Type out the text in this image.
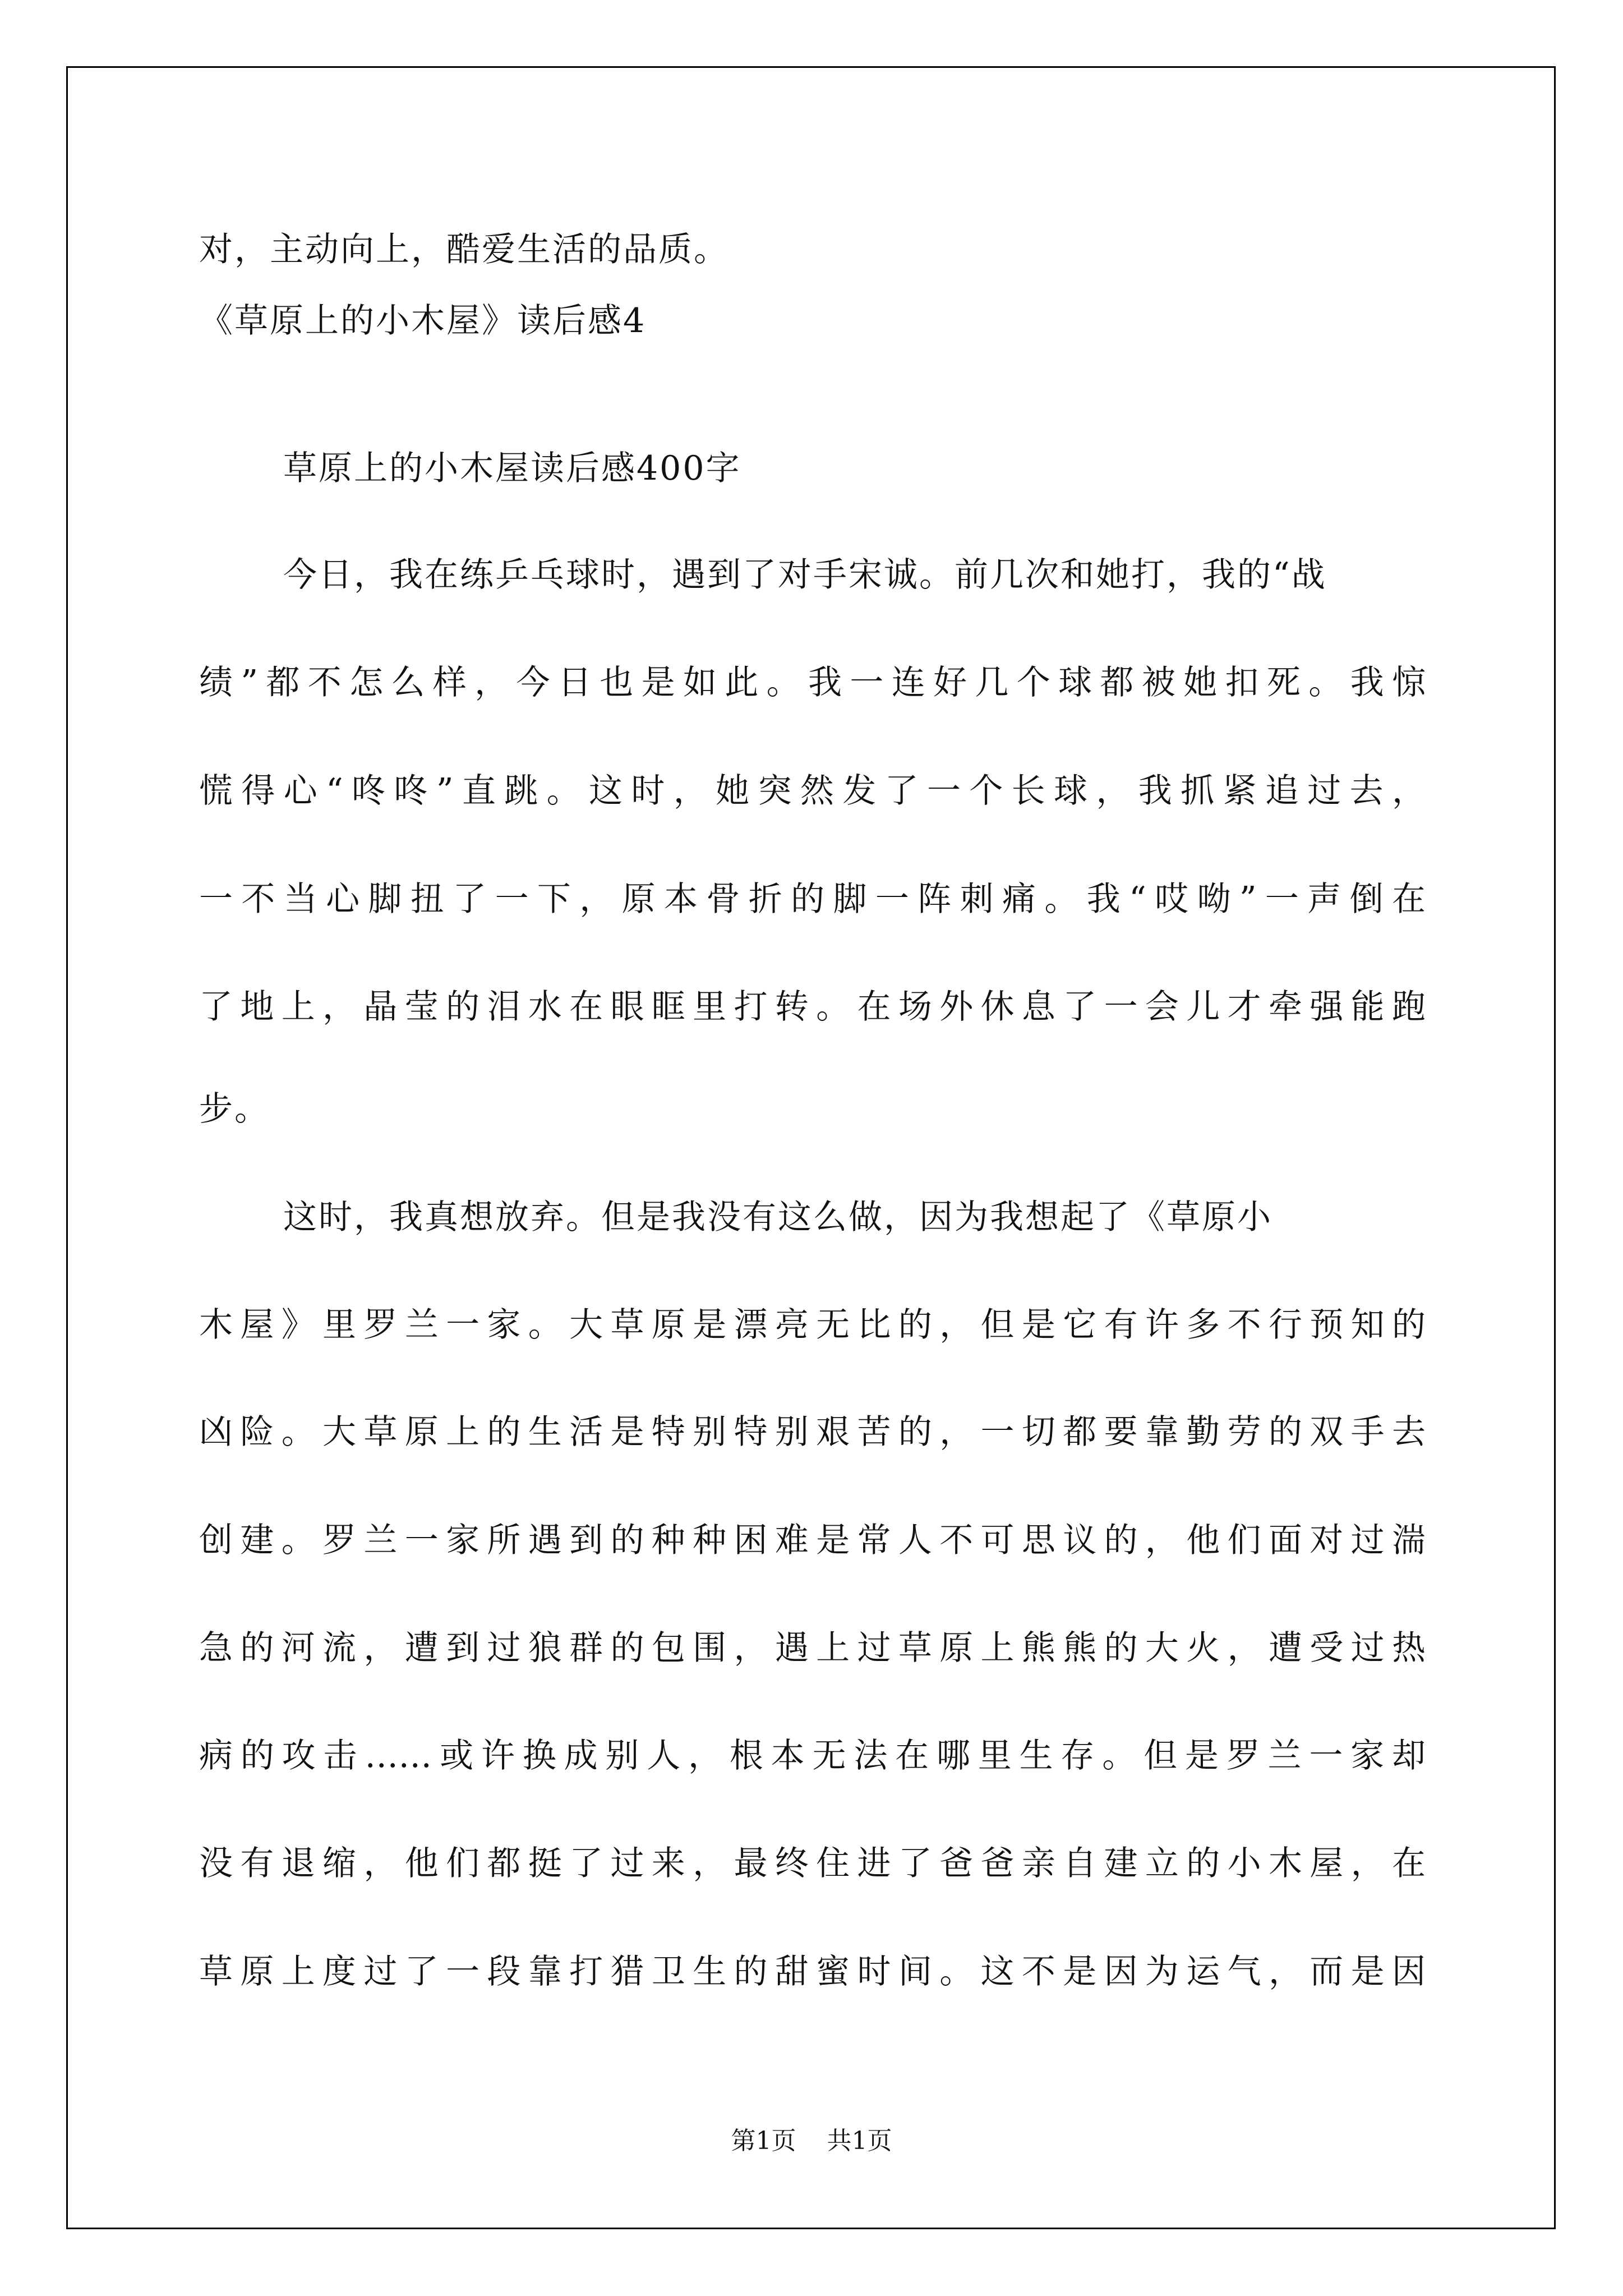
对，主动向上，酷爱生活的品质。
《草原上的小木屋》读后感4
草原上的小木屋读后感400字
今日，我在练乒乓球时，遇到了对手宋诚。前几次和她打，我的“战
绩”都不怎么样，今日也是如此。我一连好几个球都被她扣死。我惊
慌得心“咚咚”直跳。这时，她突然发了一个长球，我抓紧追过去，
一不当心脚扭了一下，原本骨折的脚一阵刺痛。我“哎呦”一声倒在
了地上，晶莹的泪水在眼眶里打转。在场外休息了一会儿才牵强能跑
步。
这时，我真想放弃。但是我没有这么做，因为我想起了《草原小
木屋》里罗兰一家。大草原是漂亮无比的，但是它有许多不行预知的
凶险。大草原上的生活是特别特别艰苦的，一切都要靠勤劳的双手去
创建。罗兰一家所遇到的种种困难是常人不可思议的，他们面对过湍
急的河流，遭到过狼群的包围，遇上过草原上熊熊的大火，遭受过热
病的攻击……或许换成别人，根本无法在哪里生存。但是罗兰一家却
没有退缩，他们都挺了过来，最终住进了爸爸亲自建立的小木屋，在
草原上度过了一段靠打猎卫生的甜蜜时间。这不是因为运气，而是因
第1页 共1页
